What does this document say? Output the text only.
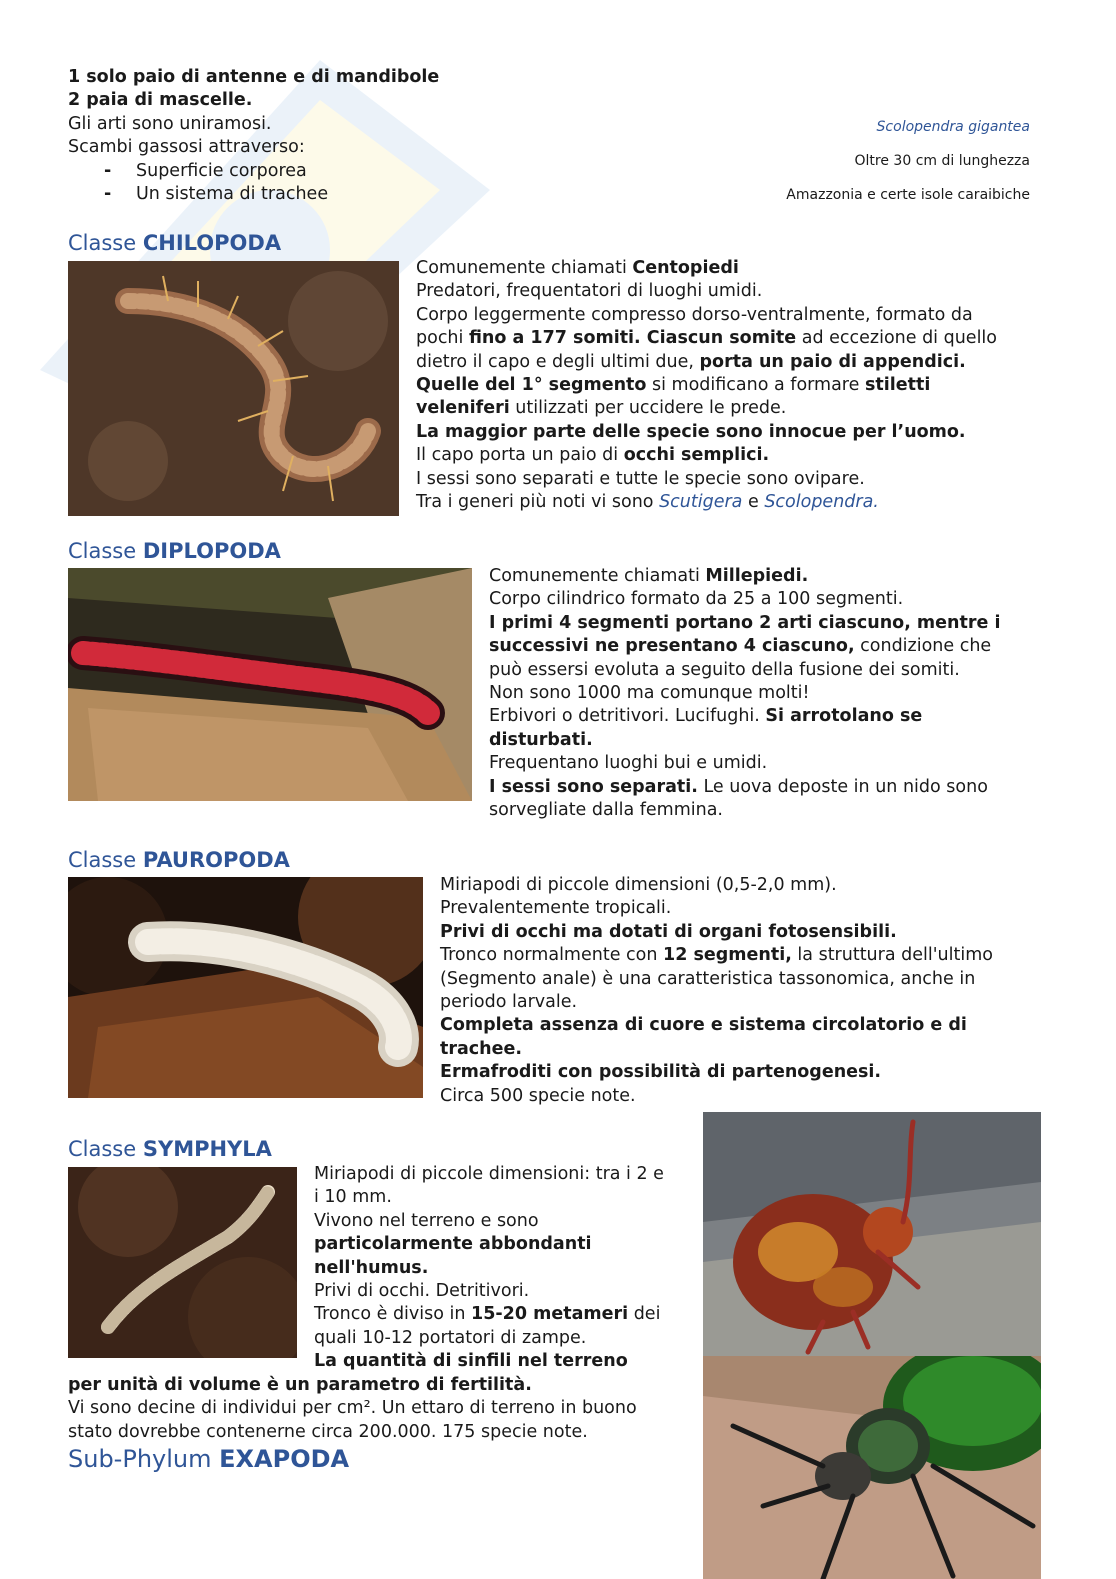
1 solo paio di antenne e di mandibole
2 paia di mascelle.
Gli arti sono uniramosi.
Scambi gassosi attraverso:
- Superficie corporea
- Un sistema di trachee
Scolopendra gigantea
Oltre 30 cm di lunghezza
Amazzonia e certe isole caraibiche
Classe CHILOPODA
Comunemente chiamati Centopiedi
Predatori, frequentatori di luoghi umidi.
Corpo leggermente compresso dorso-ventralmente, formato da
pochi fino a 177 somiti. Ciascun somite ad eccezione di quello
dietro il capo e degli ultimi due, porta un paio di appendici.
Quelle del 1° segmento si modificano a formare stiletti
veleniferi utilizzati per uccidere le prede.
La maggior parte delle specie sono innocue per l’uomo.
Il capo porta un paio di occhi semplici.
I sessi sono separati e tutte le specie sono ovipare.
Tra i generi più noti vi sono Scutigera e Scolopendra.
Classe DIPLOPODA
Comunemente chiamati Millepiedi.
Corpo cilindrico formato da 25 a 100 segmenti.
I primi 4 segmenti portano 2 arti ciascuno, mentre i
successivi ne presentano 4 ciascuno, condizione che
può essersi evoluta a seguito della fusione dei somiti.
Non sono 1000 ma comunque molti!
Erbivori o detritivori. Lucifughi. Si arrotolano se
disturbati.
Frequentano luoghi bui e umidi.
I sessi sono separati. Le uova deposte in un nido sono
sorvegliate dalla femmina.
Classe PAUROPODA
Miriapodi di piccole dimensioni (0,5-2,0 mm).
Prevalentemente tropicali.
Privi di occhi ma dotati di organi fotosensibili.
Tronco normalmente con 12 segmenti, la struttura dell'ultimo
(Segmento anale) è una caratteristica tassonomica, anche in
periodo larvale.
Completa assenza di cuore e sistema circolatorio e di
trachee.
Ermafroditi con possibilità di partenogenesi.
Circa 500 specie note.
Classe SYMPHYLA
Miriapodi di piccole dimensioni: tra i 2 e
i 10 mm.
Vivono nel terreno e sono
particolarmente abbondanti
nell'humus.
Privi di occhi. Detritivori.
Tronco è diviso in 15-20 metameri dei
quali 10-12 portatori di zampe.
La quantità di sinfili nel terreno
per unità di volume è un parametro di fertilità.
Vi sono decine di individui per cm². Un ettaro di terreno in buono
stato dovrebbe contenerne circa 200.000. 175 specie note.
Sub-Phylum EXAPODA
